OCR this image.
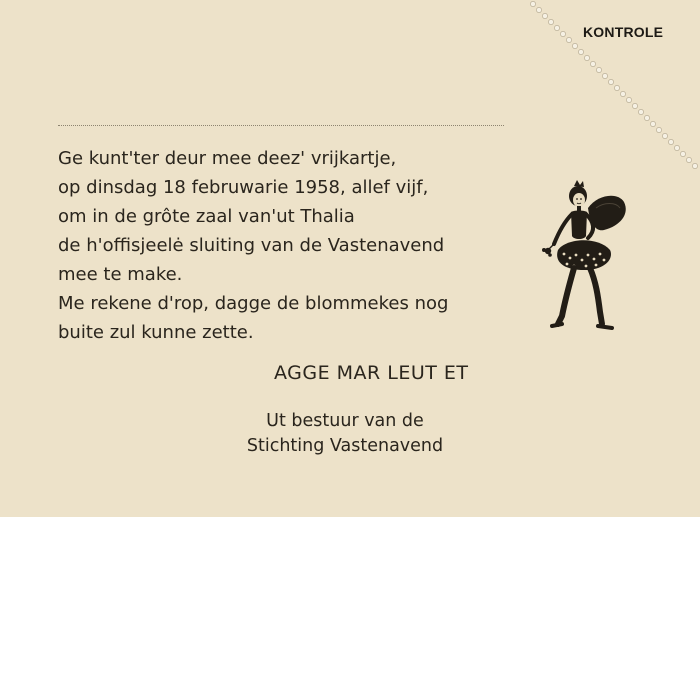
KONTROLE
Ge kunt'ter deur mee deez' vrijkartje,
op dinsdag 18 februwarie 1958, allef vijf,
om in de grôte zaal van'ut Thalia
de h'offisjeelė sluiting van de Vastenavend
mee te make.
Me rekene d'rop, dagge de blommekes nog
buite zul kunne zette.
AGGE MAR LEUT ET
Ut bestuur van de
Stichting Vastenavend
